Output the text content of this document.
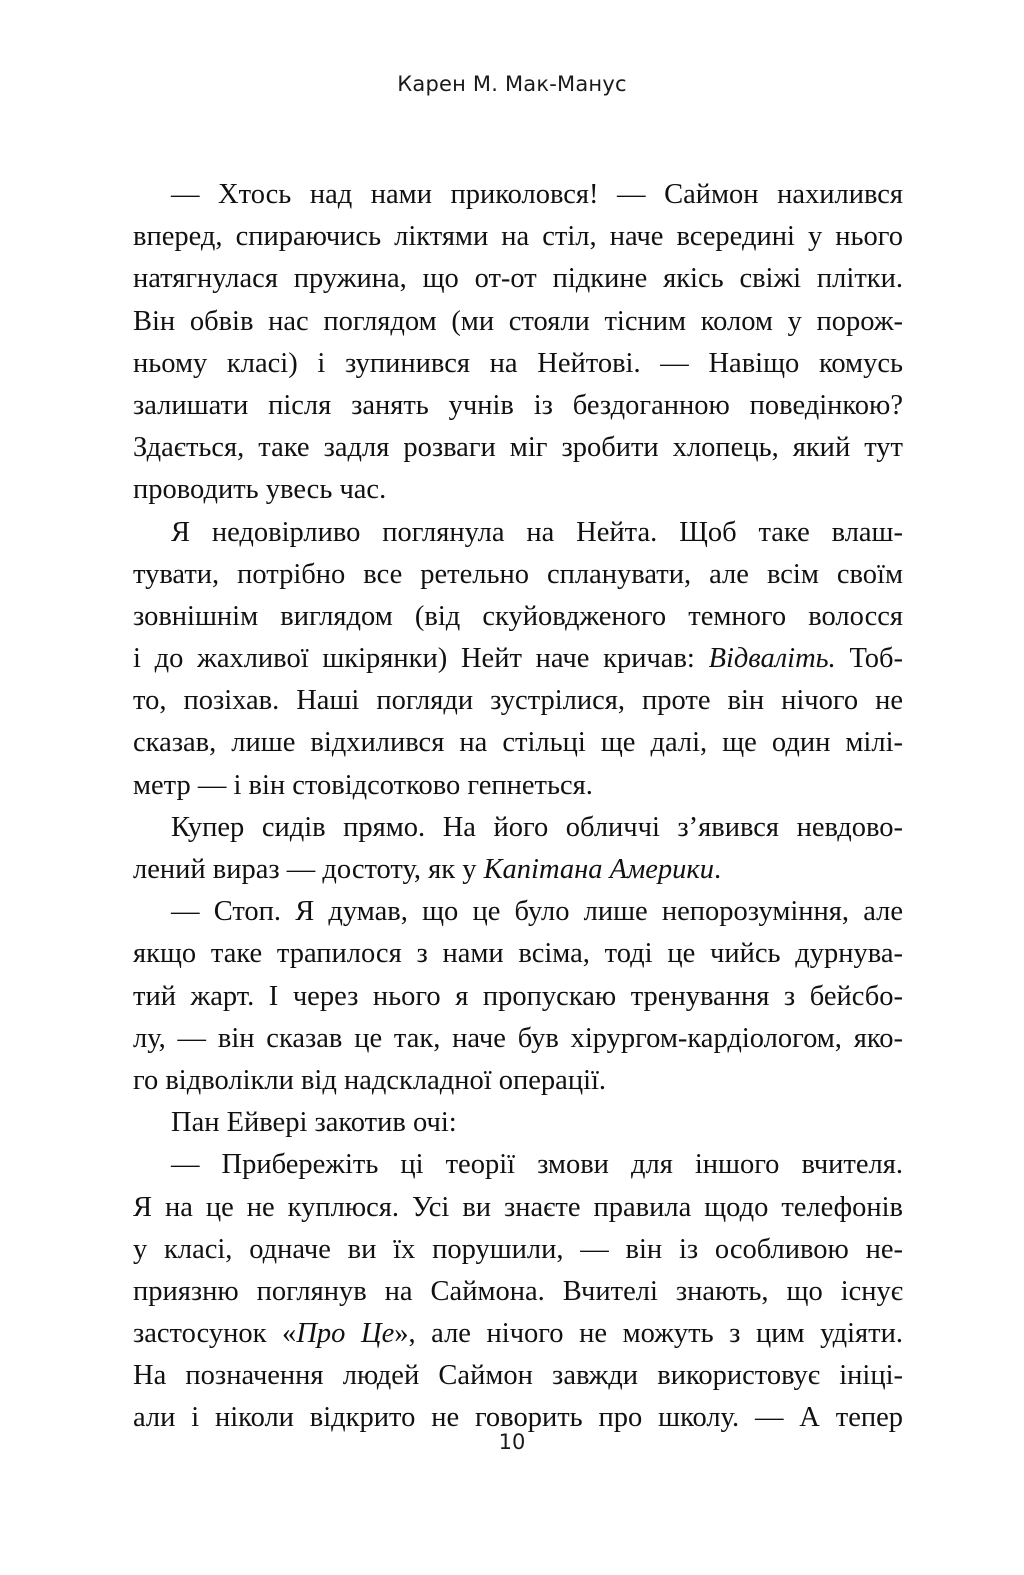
Карен М. Мак-Манус
— Хтось над нами приколовся! — Саймон нахилився
вперед, спираючись ліктями на стіл, наче всередині у нього
натягнулася пружина, що от-от підкине якісь свіжі плітки.
Він обвів нас поглядом (ми стояли тісним колом у порож-
ньому класі) і зупинився на Нейтові. — Навіщо комусь
залишати після занять учнів із бездоганною поведінкою?
Здається, таке задля розваги міг зробити хлопець, який тут
проводить увесь час.
Я недовірливо поглянула на Нейта. Щоб таке влаш-
тувати, потрібно все ретельно спланувати, але всім своїм
зовнішнім виглядом (від скуйовдженого темного волосся
і до жахливої шкірянки) Нейт наче кричав: Відваліть. Тоб-
то, позіхав. Наші погляди зустрілися, проте він нічого не
сказав, лише відхилився на стільці ще далі, ще один мілі-
метр — і він стовідсотково гепнеться.
Купер сидів прямо. На його обличчі з’явився невдово-
лений вираз — достоту, як у Капітана Америки.
— Стоп. Я думав, що це було лише непорозуміння, але
якщо таке трапилося з нами всіма, тоді це чийсь дурнува-
тий жарт. І через нього я пропускаю тренування з бейсбо-
лу, — він сказав це так, наче був хірургом-кардіологом, яко-
го відволікли від надскладної операції.
Пан Ейвері закотив очі:
— Прибережіть ці теорії змови для іншого вчителя.
Я на це не куплюся. Усі ви знаєте правила щодо телефонів
у класі, одначе ви їх порушили, — він із особливою не-
приязню поглянув на Саймона. Вчителі знають, що існує
застосунок «Про Це», але нічого не можуть з цим удіяти.
На позначення людей Саймон завжди використовує ініці-
али і ніколи відкрито не говорить про школу. — А тепер
10
